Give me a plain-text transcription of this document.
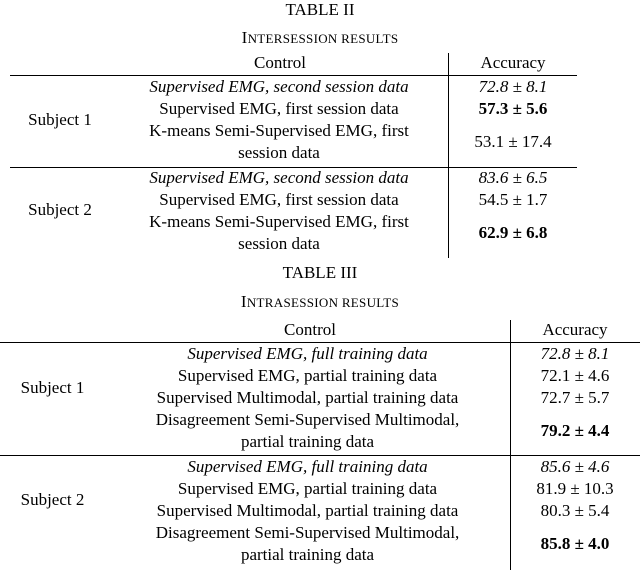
TABLE II
INTERSESSION RESULTS
Control	Accuracy
Subject 1
Supervised EMG, second session data	72.8 ± 8.1
Supervised EMG, first session data	57.3 ± 5.6
K-means Semi-Supervised EMG, first
session data
53.1 ± 17.4
Subject 2
Supervised EMG, second session data	83.6 ± 6.5
Supervised EMG, first session data	54.5 ± 1.7
K-means Semi-Supervised EMG, first
session data
62.9 ± 6.8
TABLE III
INTRASESSION RESULTS
Control	Accuracy
Subject 1
Supervised EMG, full training data	72.8 ± 8.1
Supervised EMG, partial training data	72.1 ± 4.6
Supervised Multimodal, partial training data	72.7 ± 5.7
Disagreement Semi-Supervised Multimodal,
partial training data
79.2 ± 4.4
Subject 2
Supervised EMG, full training data	85.6 ± 4.6
Supervised EMG, partial training data	81.9 ± 10.3
Supervised Multimodal, partial training data	80.3 ± 5.4
Disagreement Semi-Supervised Multimodal,
partial training data
85.8 ± 4.0
